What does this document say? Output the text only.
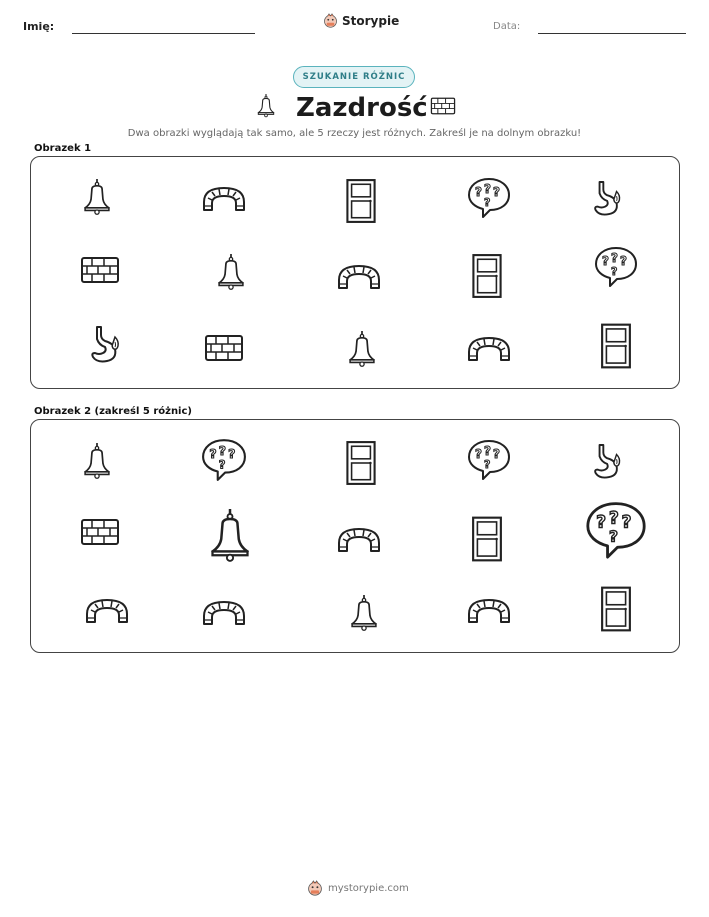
Imię:	Storypie	Data:
SZUKANIE RÓŻNIC
Zazdrość
Dwa obrazki wyglądają tak samo, ale 5 rzeczy jest różnych. Zakreśl je na dolnym obrazku!
Obrazek 1
Obrazek 2 (zakreśl 5 różnic)
mystorypie.com
